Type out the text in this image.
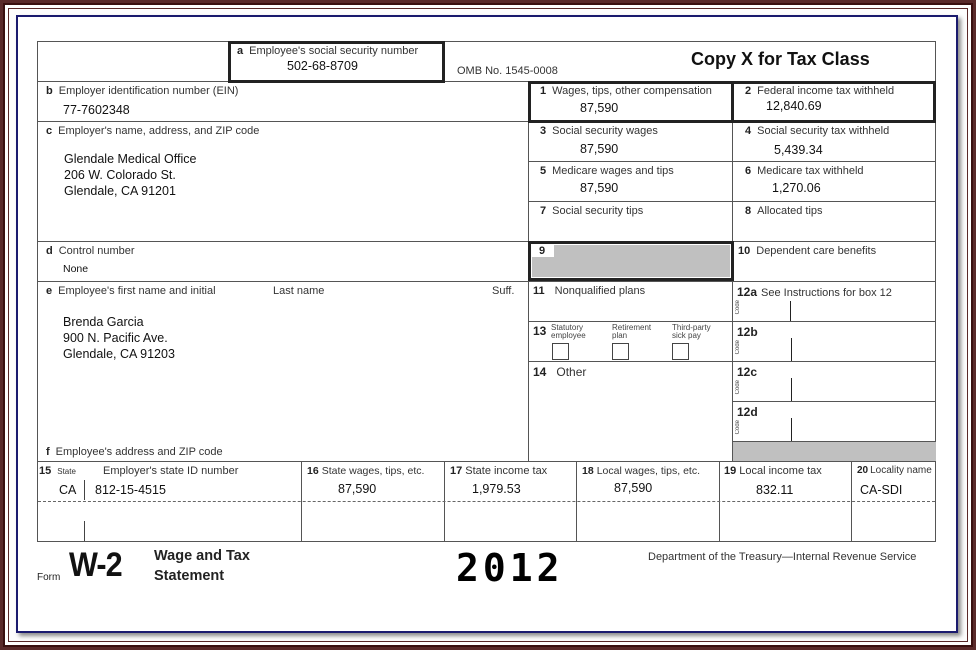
a Employee's social security number
502-68-8709	OMB No. 1545-0008
Copy X for Tax Class
b Employer identification number (EIN)
77-7602348
c Employer's name, address, and ZIP code
Glendale Medical Office
206 W. Colorado St.
Glendale, CA 91201
d Control number
None
e Employee's first name and initial	Last name	Suff.
Brenda Garcia
900 N. Pacific Ave.
Glendale, CA 91203
f Employee's address and ZIP code
1 Wages, tips, other compensation
87,590
2 Federal income tax withheld
12,840.69
3 Social security wages
87,590
4 Social security tax withheld
5,439.34
5 Medicare wages and tips
87,590
6 Medicare tax withheld
1,270.06
7 Social security tips	8 Allocated tips
9	10 Dependent care benefits
11 Nonqualified plans	12a See Instructions for box 12
Code
12b
Code
12c
Code
12d
Code
13 Statutory
employee
Retirement
plan
Third-party
sick pay
14 Other
15 State Employer's state ID number
CA 812-15-4515
16 State wages, tips, etc.
87,590
17 State income tax
1,979.53
18 Local wages, tips, etc.
87,590
19 Local income tax
832.11
20 Locality name
CA-SDI
Form W-2 Wage and Tax
Statement	2012	Department of the Treasury—Internal Revenue Service
